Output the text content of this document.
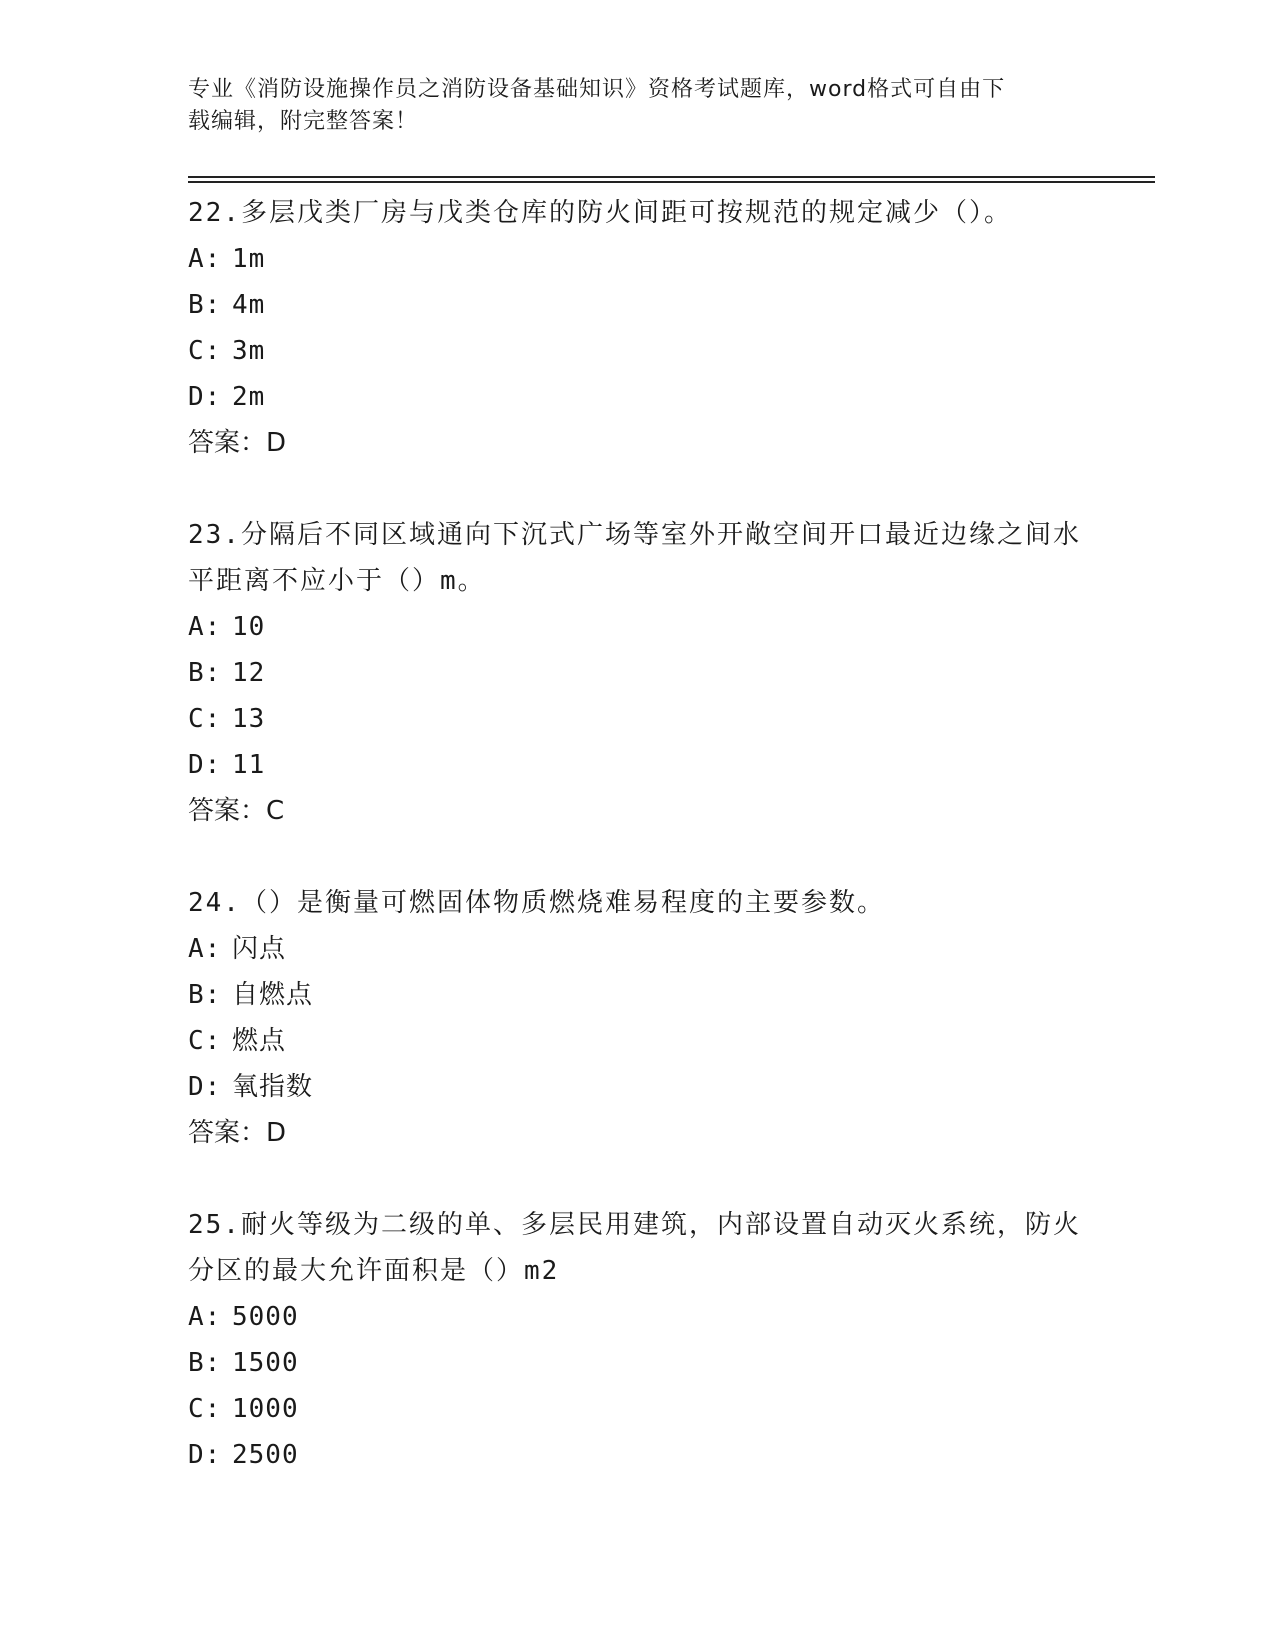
专业《消防设施操作员之消防设备基础知识》资格考试题库，word格式可自由下
载编辑，附完整答案！

22.多层戊类厂房与戊类仓库的防火间距可按规范的规定减少（）。

A: 1m

B: 4m

C: 3m

D: 2m

答案：D

23.分隔后不同区域通向下沉式广场等室外开敞空间开口最近边缘之间水平距离不应小于（）m。

A: 10

B: 12

C: 13

D: 11

答案：C

24.（）是衡量可燃固体物质燃烧难易程度的主要参数。

A: 闪点

B: 自燃点

C: 燃点

D: 氧指数

答案：D

25.耐火等级为二级的单、多层民用建筑，内部设置自动灭火系统，防火分区的最大允许面积是（）m2

A: 5000

B: 1500

C: 1000

D: 2500
